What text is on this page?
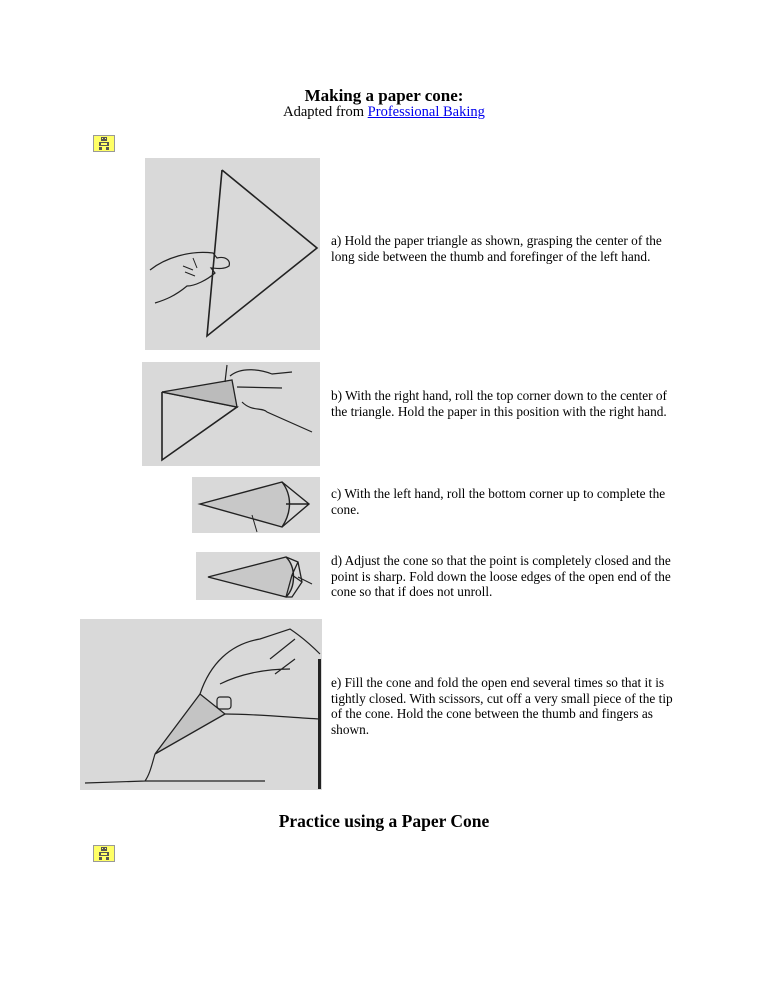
Making a paper cone:
Adapted from Professional Baking
a) Hold the paper triangle as shown, grasping the center of the long side between the thumb and forefinger of the left hand.
b) With the right hand, roll the top corner down to the center of the triangle. Hold the paper in this position with the right hand.
c) With the left hand, roll the bottom corner up to complete the cone.
d) Adjust the cone so that the point is completely closed and the point is sharp. Fold down the loose edges of the open end of the cone so that if does not unroll.
e) Fill the cone and fold the open end several times so that it is tightly closed. With scissors, cut off a very small piece of the tip of the cone. Hold the cone between the thumb and fingers as shown.
Practice using a Paper Cone
